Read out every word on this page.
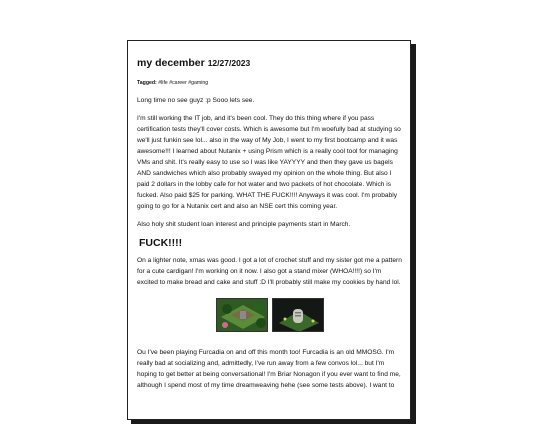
my december 12/27/2023
Tagged: #life #career #gaming

Long time no see guyz :p Sooo lets see.

I'm still working the IT job, and it's been cool. They do this thing where if you pass certification tests they'll cover costs. Which is awesome but I'm woefully bad at studying so we'll just funkin see lol... also in the way of My Job, I went to my first bootcamp and it was awesome!!! I learned about Nutanix + using Prism which is a really cool tool for managing VMs and shit. It's really easy to use so I was like YAYYYY and then they gave us bagels AND sandwiches which also probably swayed my opinion on the whole thing. But also I paid 2 dollars in the lobby cafe for hot water and two packets of hot chocolate. Which is fucked. Also paid $25 for parking. WHAT THE FUCK!!!! Anyways it was cool. I'm probably going to go for a Nutanix cert and also an NSE cert this coming year.

Also holy shit student loan interest and principle payments start in March.

FUCK!!!!

On a lighter note, xmas was good. I got a lot of crochet stuff and my sister got me a pattern for a cute cardigan! I'm working on it now. I also got a stand mixer (WHOA!!!!) so I'm excited to make bread and cake and stuff :D I'll probably still make my cookies by hand lol.

Ou I've been playing Furcadia on and off this month too! Furcadia is an old MMOSG. I'm really bad at socializing and, admittedly, I've run away from a few convos lol... but I'm hoping to get better at being conversational! I'm Briar Nonagon if you ever want to find me, although I spend most of my time dreamweaving hehe (see some tests above). I want to
